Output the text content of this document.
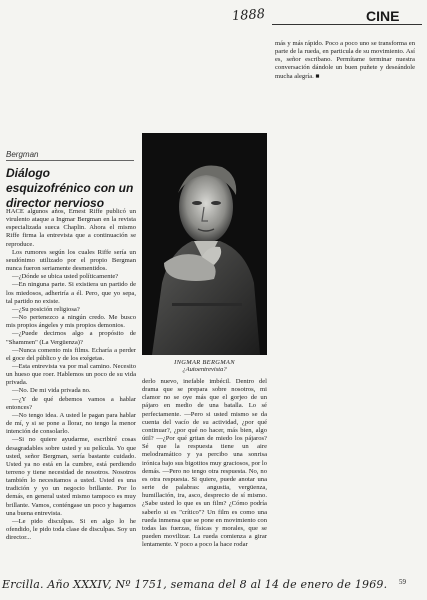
1888	CINE
más y más rápido. Poco a poco uno se transforma en parte de la rueda, en particula de su movimiento. Así es, señor escribano. Permítame terminar nuestra conversación dándole un buen puñete y deseándole mucha alegría. ■
Bergman
Diálogo esquizofrénico con un director nervioso
INGMAR BERGMAN
¿Autoentrevista?

HACE algunos años, Ernest Riffe publicó un virulento ataque a Ingmar Bergman en la revista especializada sueca Chaplin. Ahora el mismo Riffe firma la entrevista que a continuación se reproduce.

Los rumores según los cuales Riffe sería un seudónimo utilizado por el propio Bergman nunca fueron seriamente desmentidos.

—¿Dónde se ubica usted políticamente?

—En ninguna parte. Si existiera un partido de los miedosos, adheriría a él. Pero, que yo sepa, tal partido no existe.

—¿Su posición religiosa?

—No pertenezco a ningún credo. Me busco mis propios ángeles y mis propios demonios.

—¿Puede decirnos algo a propósito de "Shammen" (La Vergüenza)?

—Nunca comento mis films. Echaría a perder el goce del público y de los exégetas.

—Esta entrevista va por mal camino. Necesito un hueso que roer. Hablemos un poco de su vida privada.

—No. De mi vida privada no.

—¿Y de qué debemos vamos a hablar entonces?

—No tengo idea. A usted le pagan para hablar de mí, y si se pone a llorar, no tengo la menor intención de consolarlo.

—Si no quiere ayudarme, escribiré cosas desagradables sobre usted y su película. Yo que usted, señor Bergman, sería bastante cuidado. Usted ya no está en la cumbre, está perdiendo terreno y tiene necesidad de nosotros. Nosotros también lo necesitamos a usted. Usted es una tradición y yo un negocio brillante. Por lo demás, en general usted mismo tampoco es muy brillante. Vamos, conténgase un poco y hagamos una buena entrevista.

—Le pido disculpas. Si en algo lo he ofendido, le pido toda clase de disculpas. Soy un director...

derlo nuevo, inefable imbécil. Dentro del drama que se prepara sobre nosotros, mi clamor no se oye más que el gorjeo de un pájaro en medio de una batalla. Lo sé perfectamente. —Pero si usted mismo se da cuenta del vacío de su actividad, ¿por qué continuar?, ¿por qué no hacer, más bien, algo útil? —¿Por qué gritan de miedo los pájaros? Sé que la respuesta tiene un aire melodramático y ya percibo una sonrisa irónica bajo sus bigotitos muy graciosos, por lo demás. —Pero no tengo otra respuesta. No, no es otra respuesta. Si quiere, puede anotar una serie de palabras: angustia, vergüenza, humillación, ira, asco, desprecio de sí mismo. ¿Sabe usted lo que es un film? ¿Cómo podría saberlo si es "crítico"? Un film es como una rueda inmensa que se pone en movimiento con todas las fuerzas, físicas y morales, que se pueden movilizar. La rueda comienza a girar lentamente. Y poco a poco la hace rodar
59
Ercilla. Año XXXIV, Nº 1751, semana del 8 al 14 de enero de 1969.
